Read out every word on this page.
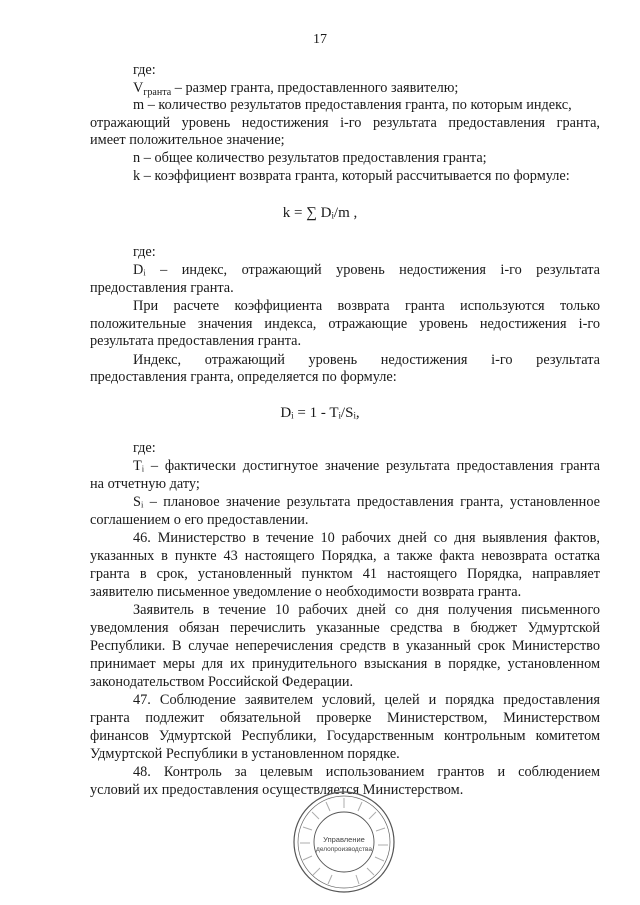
17
где:
$V_{гранта}$ – размер гранта, предоставленного заявителю;
m – количество результатов предоставления гранта, по которым индекс,
отражающий уровень недостижения i-го результата предоставления гранта,
имеет положительное значение;
n – общее количество результатов предоставления гранта;
k – коэффициент возврата гранта, который рассчитывается по формуле:
k = ∑ Dᵢ/m ,
где:
Dᵢ – индекс, отражающий уровень недостижения i-го результата
предоставления гранта.
При расчете коэффициента возврата гранта используются только
положительные значения индекса, отражающие уровень недостижения i-го
результата предоставления гранта.
Индекс, отражающий уровень недостижения i-го результата
предоставления гранта, определяется по формуле:
Dᵢ = 1 - Tᵢ/Sᵢ,
где:
Tᵢ – фактически достигнутое значение результата предоставления гранта
на отчетную дату;
Sᵢ – плановое значение результата предоставления гранта, установленное
соглашением о его предоставлении.
46. Министерство в течение 10 рабочих дней со дня выявления фактов,
указанных в пункте 43 настоящего Порядка, а также факта невозврата остатка
гранта в срок, установленный пунктом 41 настоящего Порядка, направляет
заявителю письменное уведомление о необходимости возврата гранта.
Заявитель в течение 10 рабочих дней со дня получения письменного
уведомления обязан перечислить указанные средства в бюджет Удмуртской
Республики. В случае неперечисления средств в указанный срок Министерство
принимает меры для их принудительного взыскания в порядке, установленном
законодательством Российской Федерации.
47. Соблюдение заявителем условий, целей и порядка предоставления
гранта подлежит обязательной проверке Министерством, Министерством
финансов Удмуртской Республики, Государственным контрольным комитетом
Удмуртской Республики в установленном порядке.
48. Контроль за целевым использованием грантов и соблюдением
условий их предоставления осуществляется Министерством.
Управление
делопроизводства
